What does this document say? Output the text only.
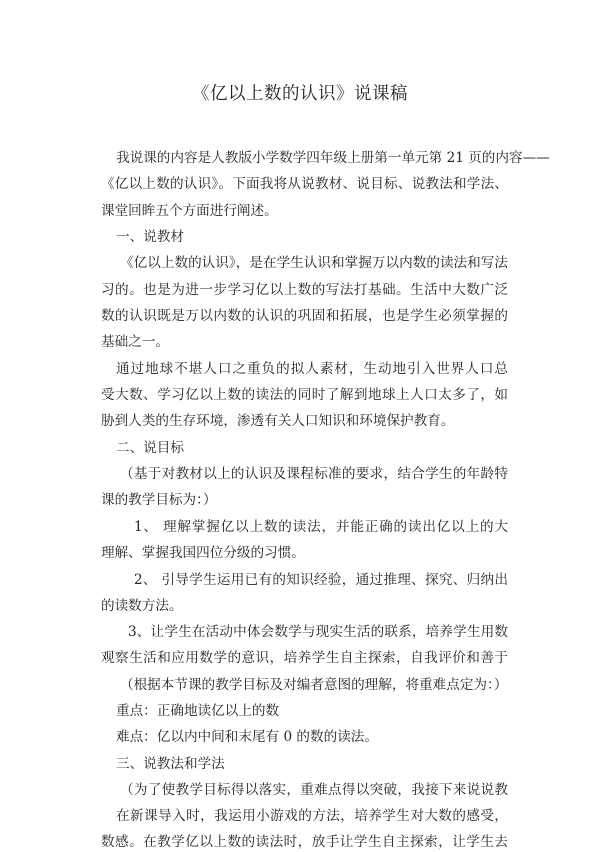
《亿以上数的认识》说课稿
我说课的内容是人教版小学数学四年级上册第一单元第 21 页的内容——
《亿以上数的认识》。下面我将从说教材、说目标、说教法和学法、
课堂回眸五个方面进行阐述。
一、说教材
《亿以上数的认识》，是在学生认识和掌握万以内数的读法和写法
习的。也是为进一步学习亿以上数的写法打基础。生活中大数广泛
数的认识既是万以内数的认识的巩固和拓展，也是学生必须掌握的
基础之一。
通过地球不堪人口之重负的拟人素材，生动地引入世界人口总
受大数、学习亿以上数的读法的同时了解到地球上人口太多了，如
胁到人类的生存环境，渗透有关人口知识和环境保护教育。
二、说目标
（基于对教材以上的认识及课程标准的要求，结合学生的年龄特
课的教学目标为：）
1、 理解掌握亿以上数的读法，并能正确的读出亿以上的大
理解、掌握我国四位分级的习惯。
2、 引导学生运用已有的知识经验，通过推理、探究、归纳出
的读数方法。
3、让学生在活动中体会数学与现实生活的联系，培养学生用数
观察生活和应用数学的意识，培养学生自主探索，自我评价和善于
（根据本节课的教学目标及对编者意图的理解，将重难点定为：）
重点：正确地读亿以上的数
难点：亿以内中间和末尾有 0 的数的读法。
三、说教法和学法
（为了使教学目标得以落实，重难点得以突破，我接下来说说教
在新课导入时，我运用小游戏的方法，培养学生对大数的感受，
数感。在教学亿以上数的读法时，放手让学生自主探索，让学生去
